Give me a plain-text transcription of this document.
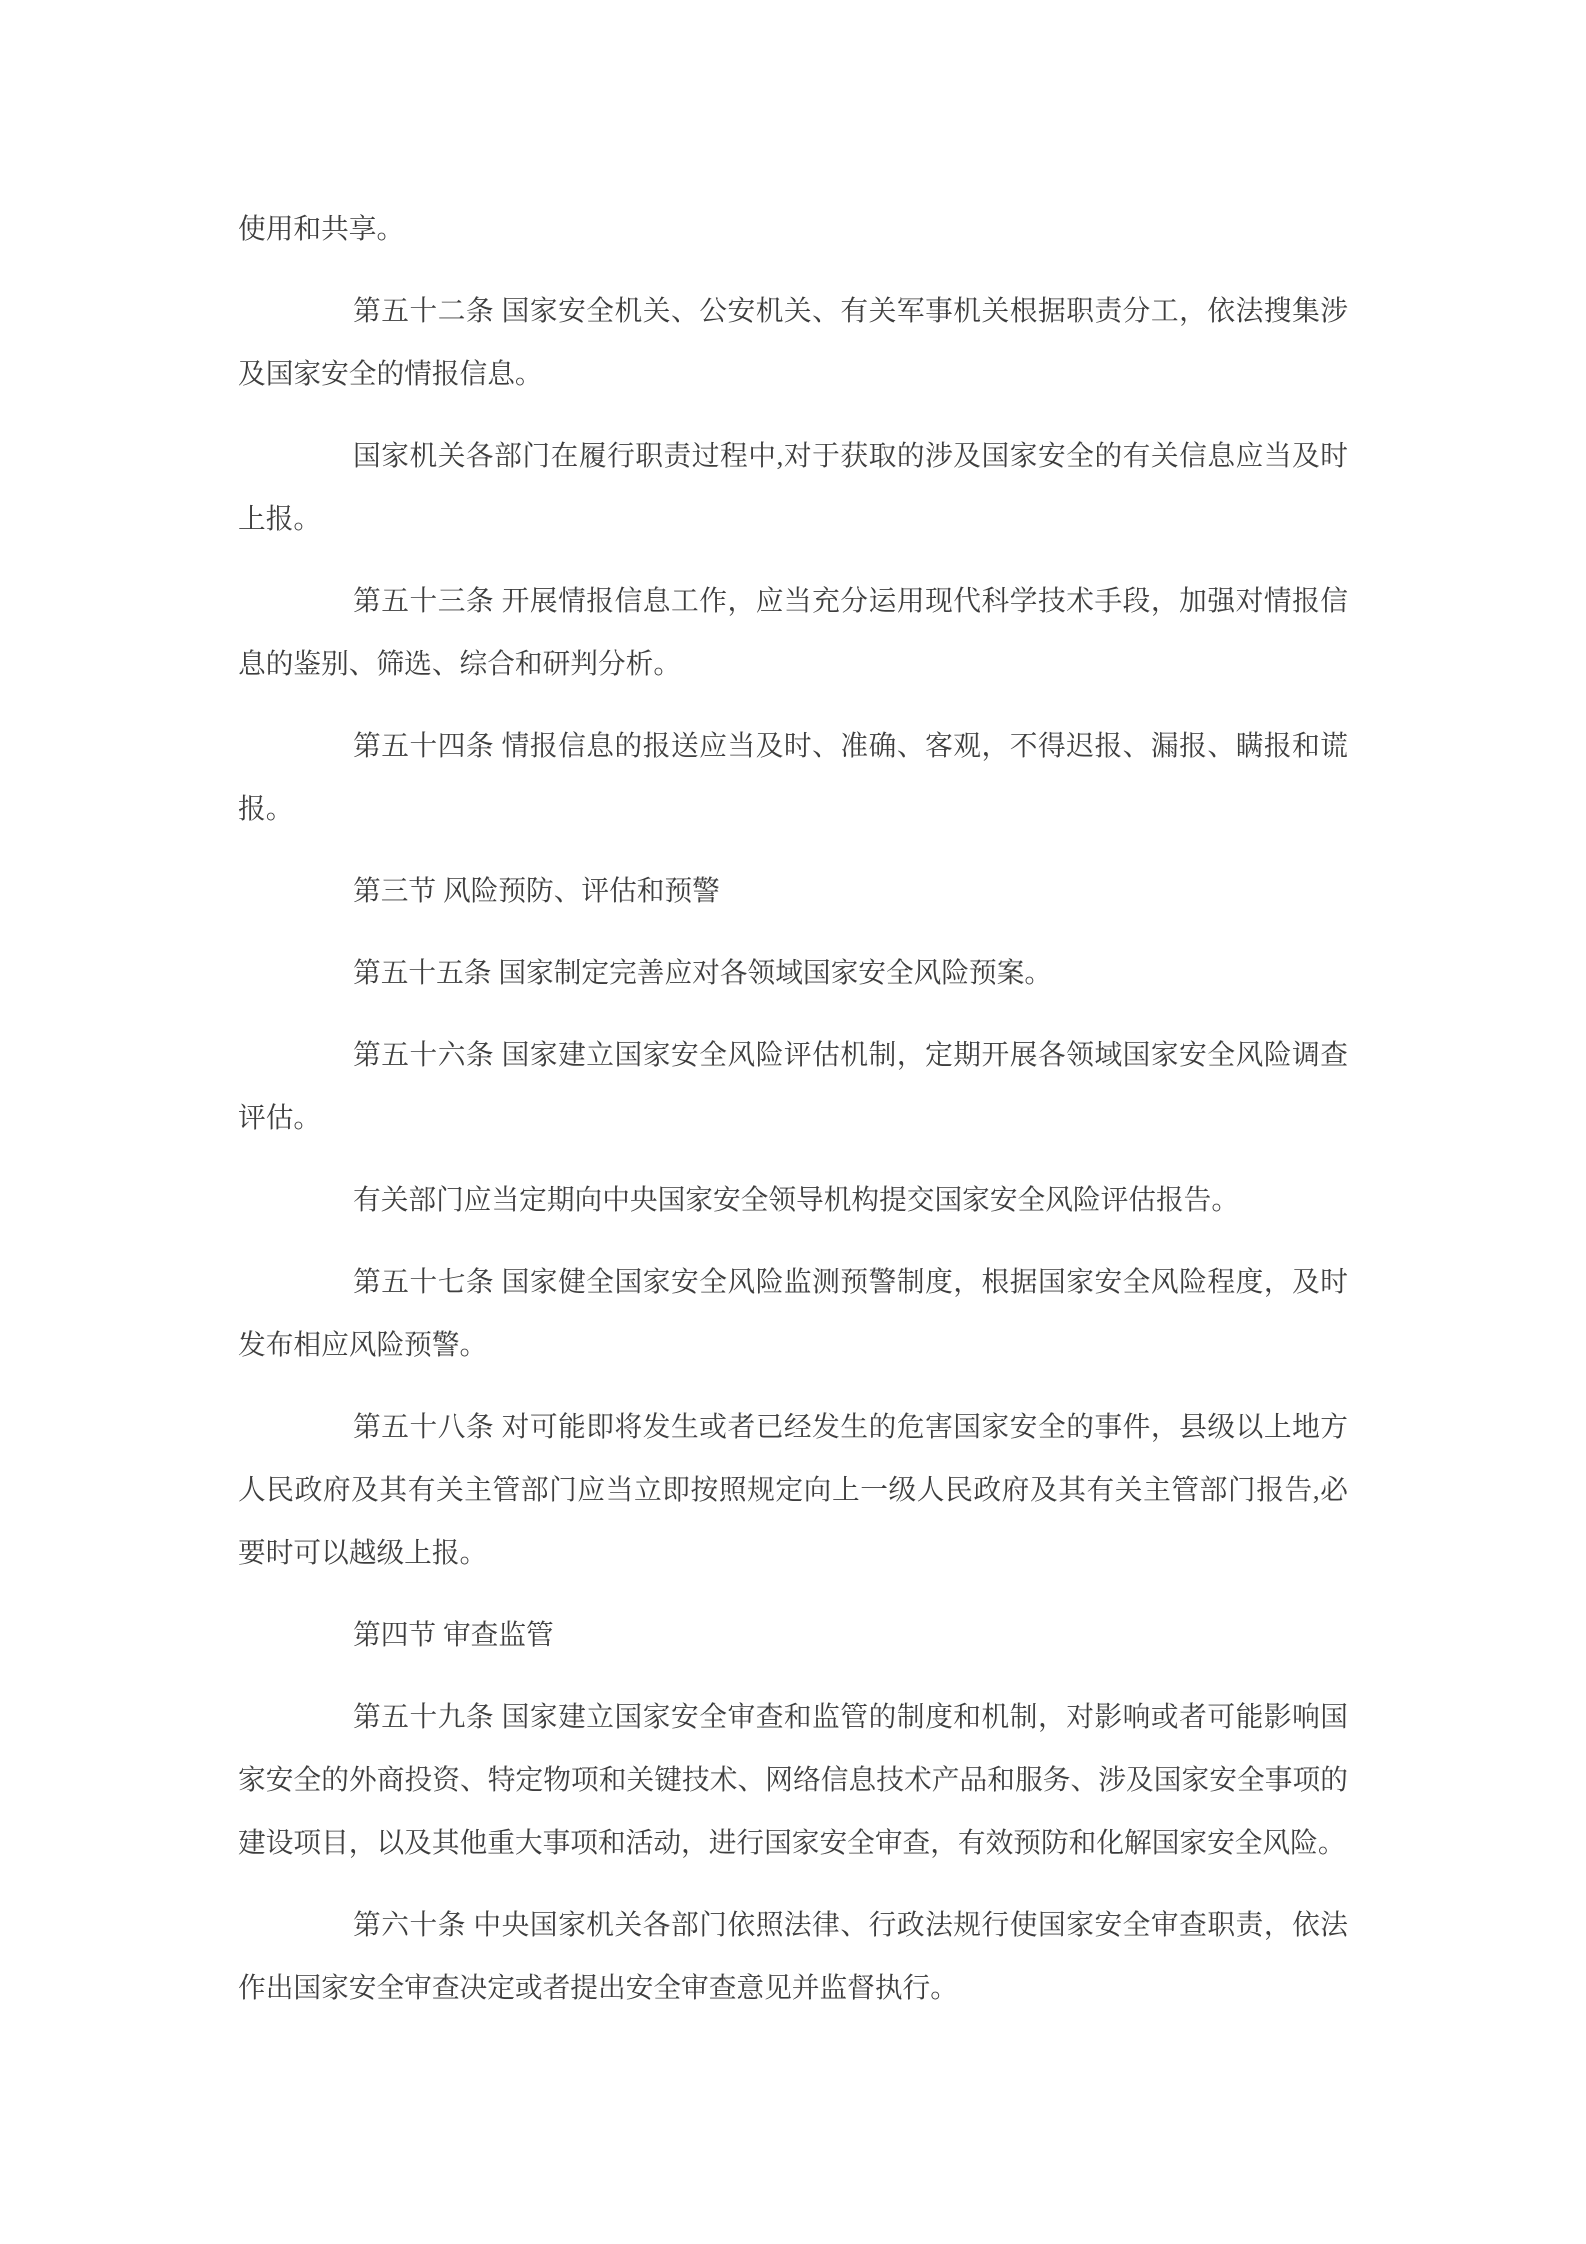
使用和共享。

第五十二条 国家安全机关、公安机关、有关军事机关根据职责分工，依法搜集涉及国家安全的情报信息。

国家机关各部门在履行职责过程中,对于获取的涉及国家安全的有关信息应当及时上报。

第五十三条 开展情报信息工作，应当充分运用现代科学技术手段，加强对情报信息的鉴别、筛选、综合和研判分析。

第五十四条 情报信息的报送应当及时、准确、客观，不得迟报、漏报、瞒报和谎报。

第三节 风险预防、评估和预警

第五十五条 国家制定完善应对各领域国家安全风险预案。

第五十六条 国家建立国家安全风险评估机制，定期开展各领域国家安全风险调查评估。

有关部门应当定期向中央国家安全领导机构提交国家安全风险评估报告。

第五十七条 国家健全国家安全风险监测预警制度，根据国家安全风险程度，及时发布相应风险预警。

第五十八条 对可能即将发生或者已经发生的危害国家安全的事件，县级以上地方人民政府及其有关主管部门应当立即按照规定向上一级人民政府及其有关主管部门报告,必要时可以越级上报。

第四节 审查监管

第五十九条 国家建立国家安全审查和监管的制度和机制，对影响或者可能影响国家安全的外商投资、特定物项和关键技术、网络信息技术产品和服务、涉及国家安全事项的建设项目，以及其他重大事项和活动，进行国家安全审查，有效预防和化解国家安全风险。

第六十条 中央国家机关各部门依照法律、行政法规行使国家安全审查职责，依法作出国家安全审查决定或者提出安全审查意见并监督执行。
